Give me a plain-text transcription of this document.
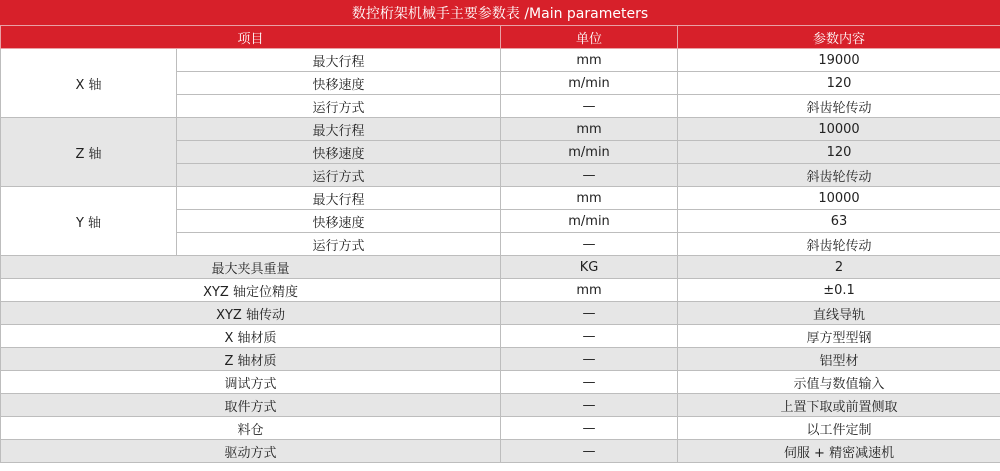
数控桁架机械手主要参数表 /Main parameters
项目		单位	参数内容
X 轴	最大行程	mm	19000
	快移速度	m/min	120
	运行方式	—	斜齿轮传动
Z 轴	最大行程	mm	10000
	快移速度	m/min	120
	运行方式	—	斜齿轮传动
Y 轴	最大行程	mm	10000
	快移速度	m/min	63
	运行方式	—	斜齿轮传动
最大夹具重量		KG	2
XYZ 轴定位精度		mm	±0.1
XYZ 轴传动		—	直线导轨
X 轴材质		—	厚方型型钢
Z 轴材质		—	铝型材
调试方式		—	示值与数值输入
取件方式		—	上置下取或前置侧取
料仓		—	以工件定制
驱动方式		—	伺服 + 精密减速机
